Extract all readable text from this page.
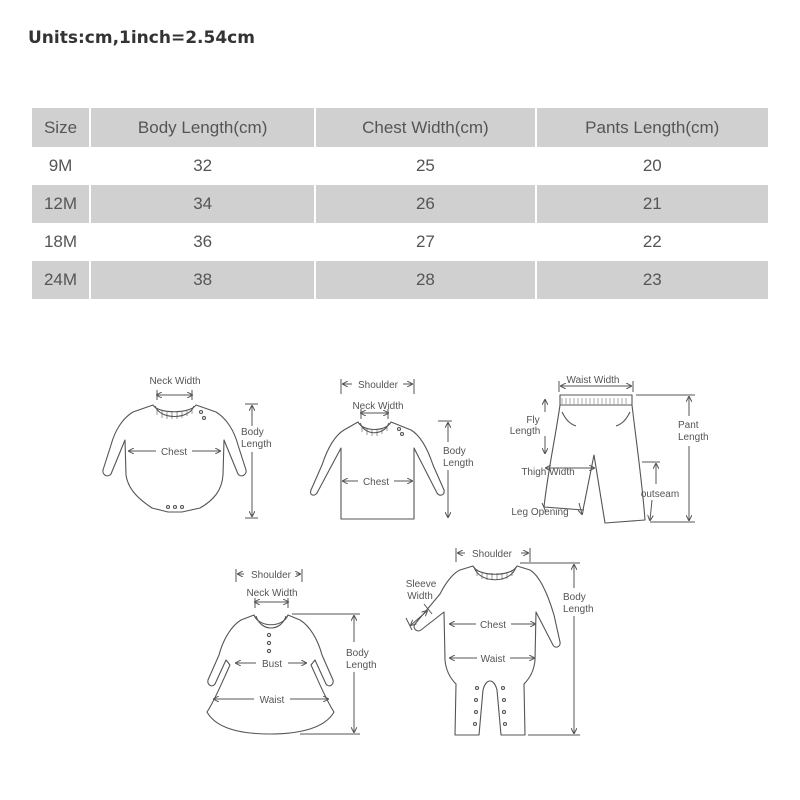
Units:cm,1inch=2.54cm
Size	Body Length(cm)	Chest Width(cm)	Pants Length(cm)
9M	32	25	20
12M	34	26	21
18M	36	27	22
24M	38	28	23
Neck Width
Chest
Body
Length
Shoulder
Neck Width
Chest
Body
Length
Waist Width
Fly
Length
Pant
Length
Thigh Width
Leg Opening
outseam
Shoulder
Neck Width
Bust
Waist
Body
Length
Shoulder
Sleeve
Width
Chest
Waist
Body
Length
